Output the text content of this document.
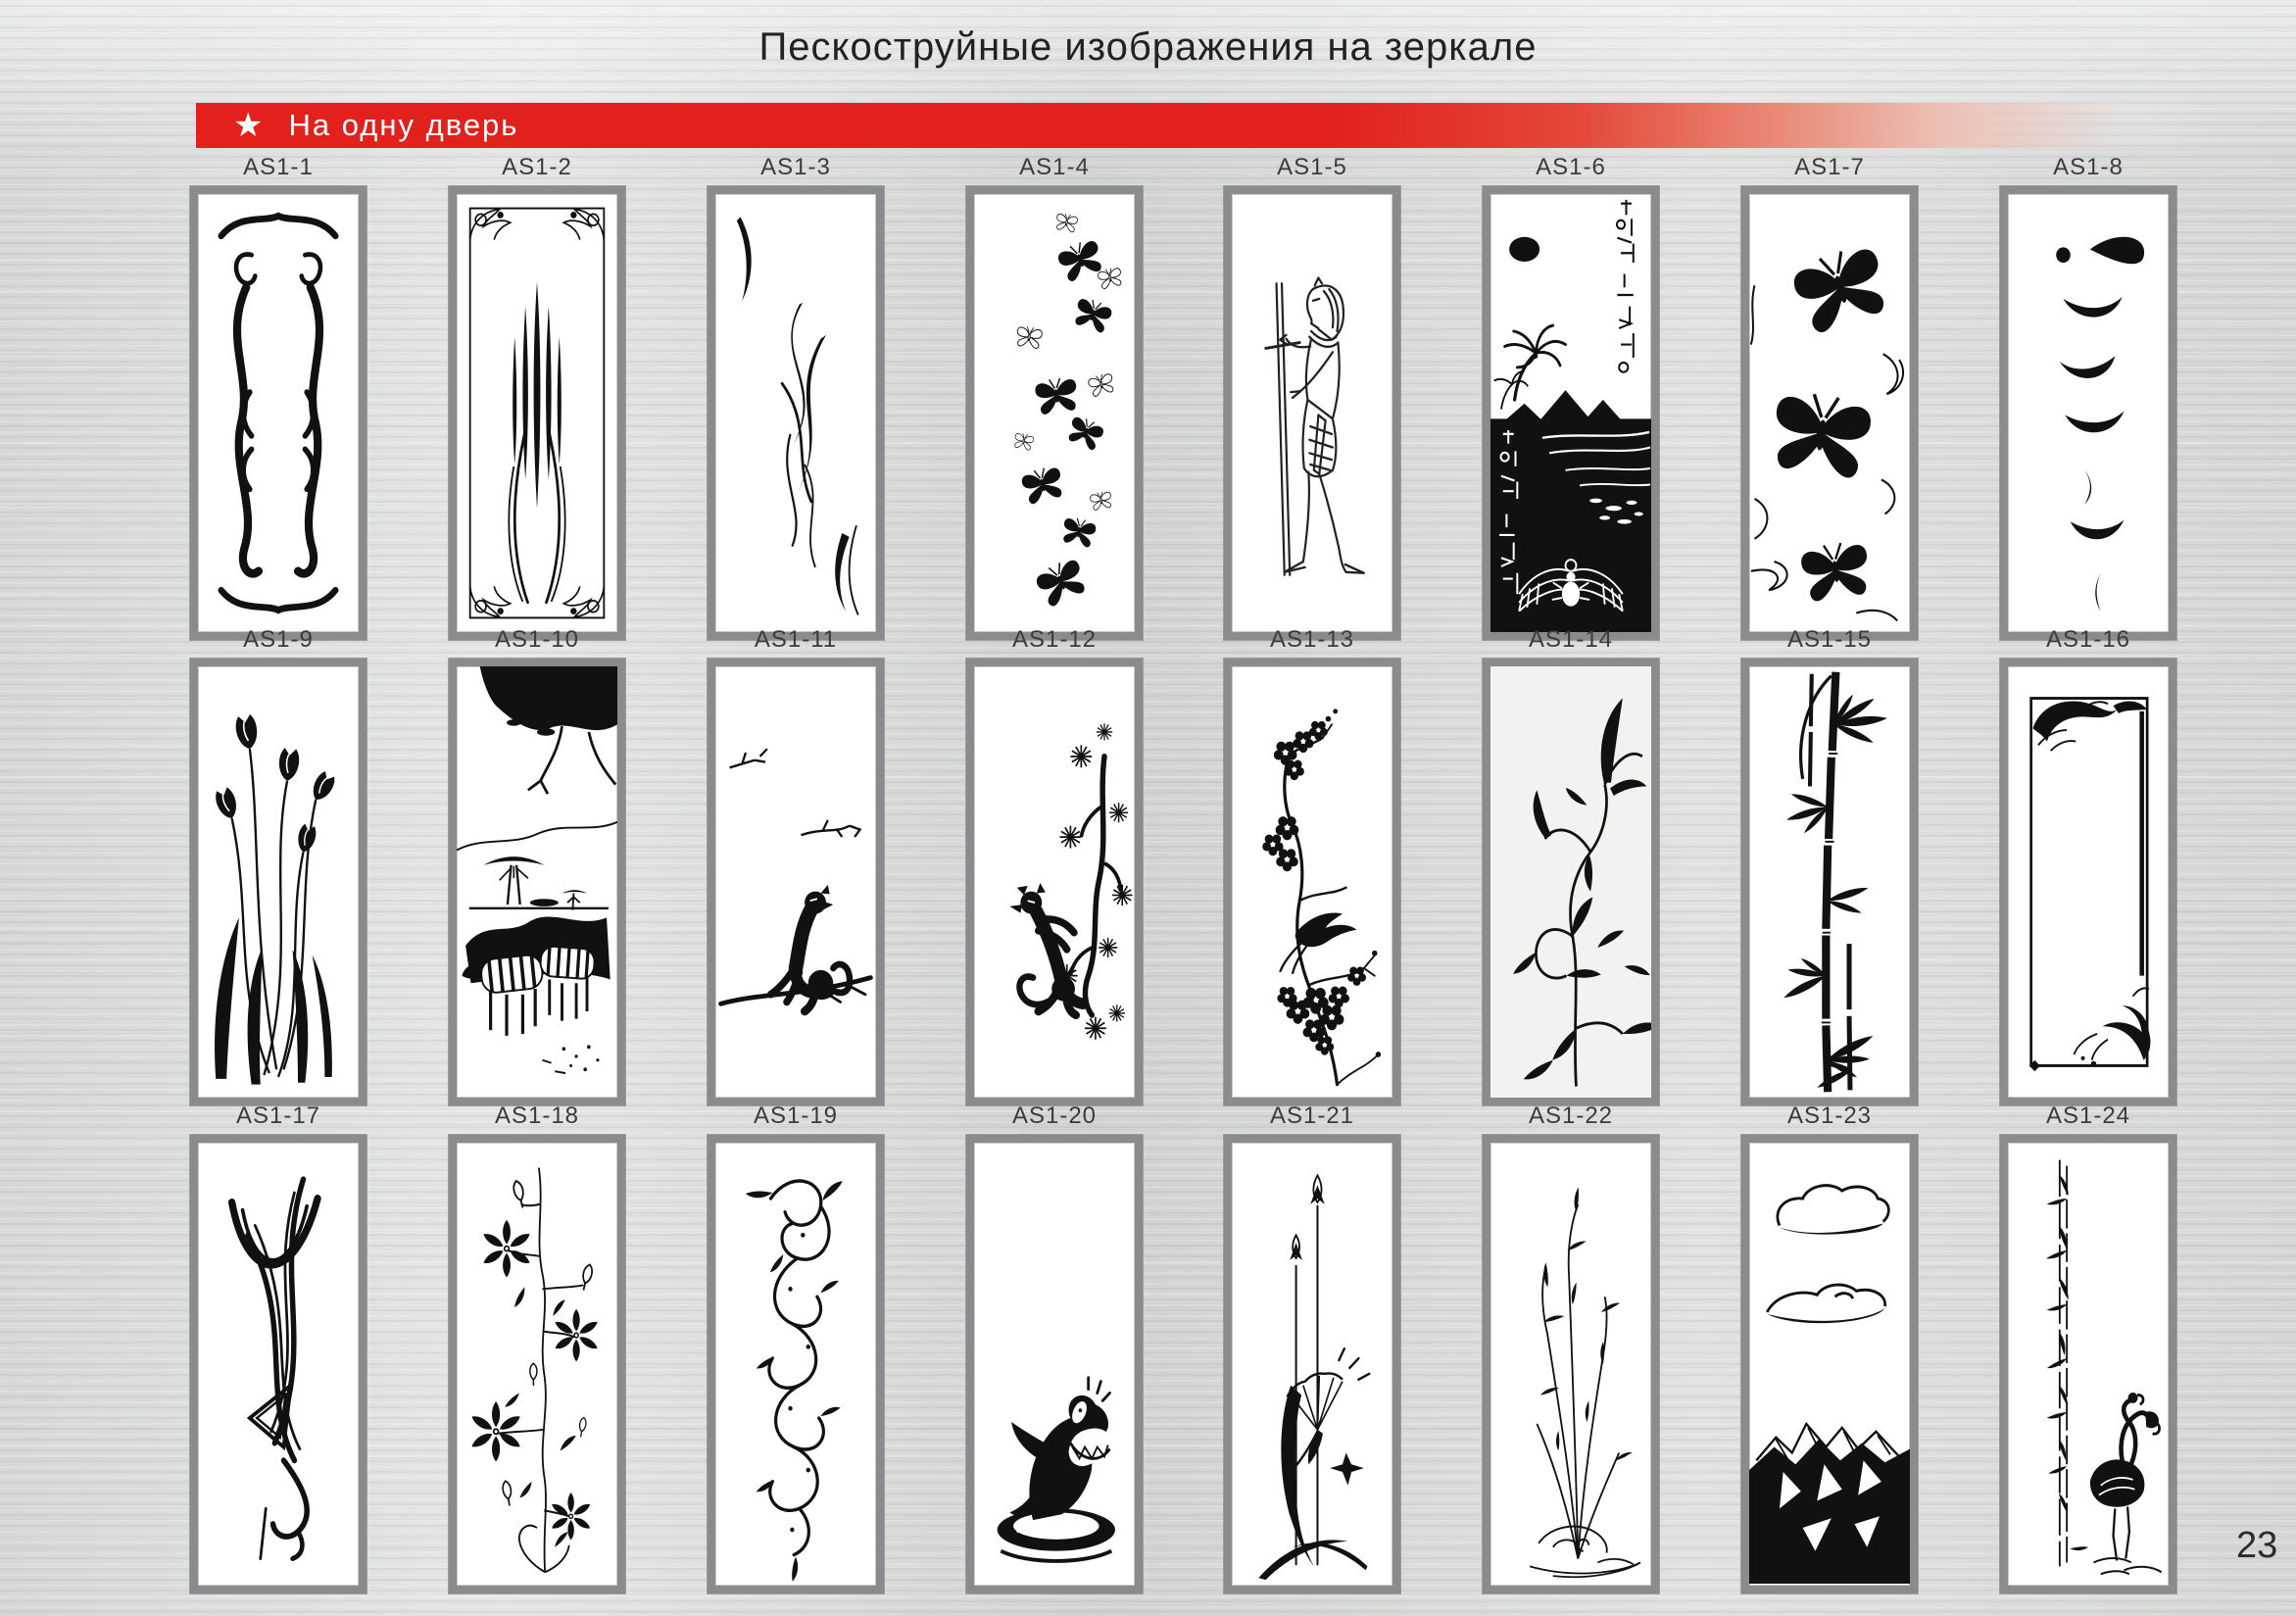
Пескоструйные изображения на зеркале
★ На одну дверь
AS1-1	AS1-2	AS1-3	AS1-4	AS1-5	AS1-6	AS1-7	AS1-8
AS1-9	AS1-10	AS1-11	AS1-12	AS1-13	AS1-14	AS1-15	AS1-16
AS1-17	AS1-18	AS1-19	AS1-20	AS1-21	AS1-22	AS1-23	AS1-24
23
